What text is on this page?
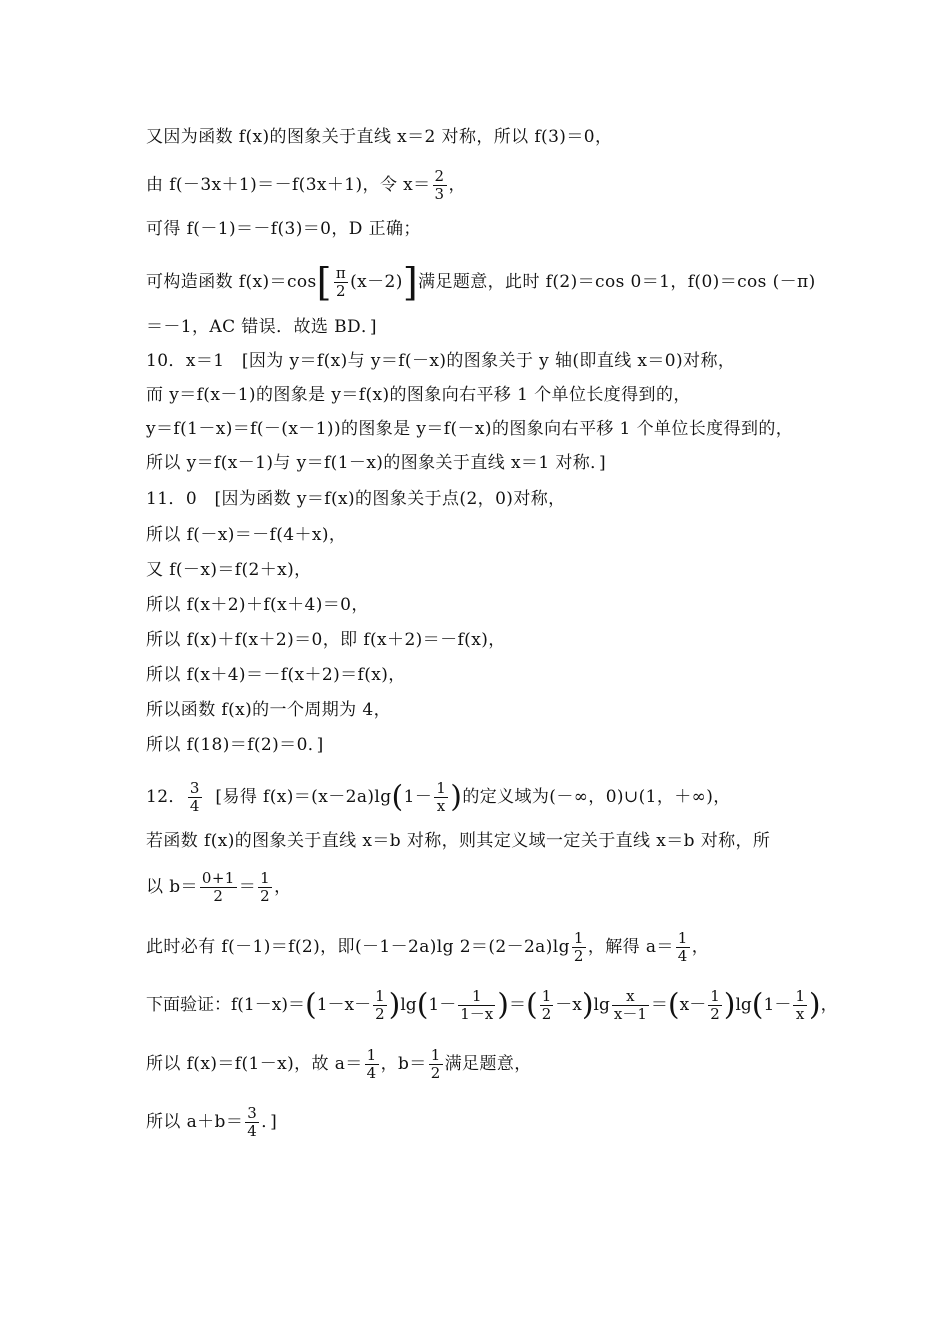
又因为函数 f(x)的图象关于直线 x＝2 对称，所以 f(3)＝0，
由 f(－3x＋1)＝－f(3x＋1)，令 $x= \frac{2}{3}$ ，
可得 f(－1)＝－f(3)＝0，D 正确；
可构造函数 $f(x)=\cos[ \frac{\pi}{2} (x-2)]$满足题意，此时 f(2)＝cos 0＝1，f(0)＝cos (－π)
＝－1，AC 错误．故选 BD．]
10．x＝1　[因为 y＝f(x)与 y＝f(－x)的图象关于 y 轴(即直线 x＝0)对称，
而 y＝f(x－1)的图象是 y＝f(x)的图象向右平移 1 个单位长度得到的，
y＝f(1－x)＝f(－(x－1))的图象是 y＝f(－x)的图象向右平移 1 个单位长度得到的，
所以 y＝f(x－1)与 y＝f(1－x)的图象关于直线 x＝1 对称．]
11．0　[因为函数 y＝f(x)的图象关于点(2，0)对称，
所以 f(－x)＝－f(4＋x)，
又 f(－x)＝f(2＋x)，
所以 f(x＋2)＋f(x＋4)＝0，
所以 f(x)＋f(x＋2)＝0，即 f(x＋2)＝－f(x)，
所以 f(x＋4)＝－f(x＋2)＝f(x)，
所以函数 f(x)的一个周期为 4，
所以 f(18)＝f(2)＝0．]
12． $\frac{3}{4}$ [易得 $f(x)=(x-2a)\lg(1- \frac{1}{x}$ )的定义域为(－∞，0)∪(1，＋∞)，
若函数 f(x)的图象关于直线 x＝b 对称，则其定义域一定关于直线 x＝b 对称，所
以 $b= \frac{0+1}{2} = \frac{1}{2}$ ，
此时必有 f(－1)＝f(2)，即(－1－2a)lg $2=(2-2a)\lg \frac{1}{2}$ ，解得 $a= \frac{1}{4}$ ，
下面验证：$f(1-x)=(1-x- \frac{1}{2} )\lg(1- \frac{1}{1-x}$ )＝( $\frac{1}{2} -x)\lg \frac{x}{x-1} =(x- \frac{1}{2} )\lg(1- \frac{1}{x}$ )，
所以 f(x)＝f(1－x)，故 $a= \frac{1}{4}$ ，$b= \frac{1}{2}$ 满足题意，
所以 $a+b= \frac{3}{4}$ ．]
